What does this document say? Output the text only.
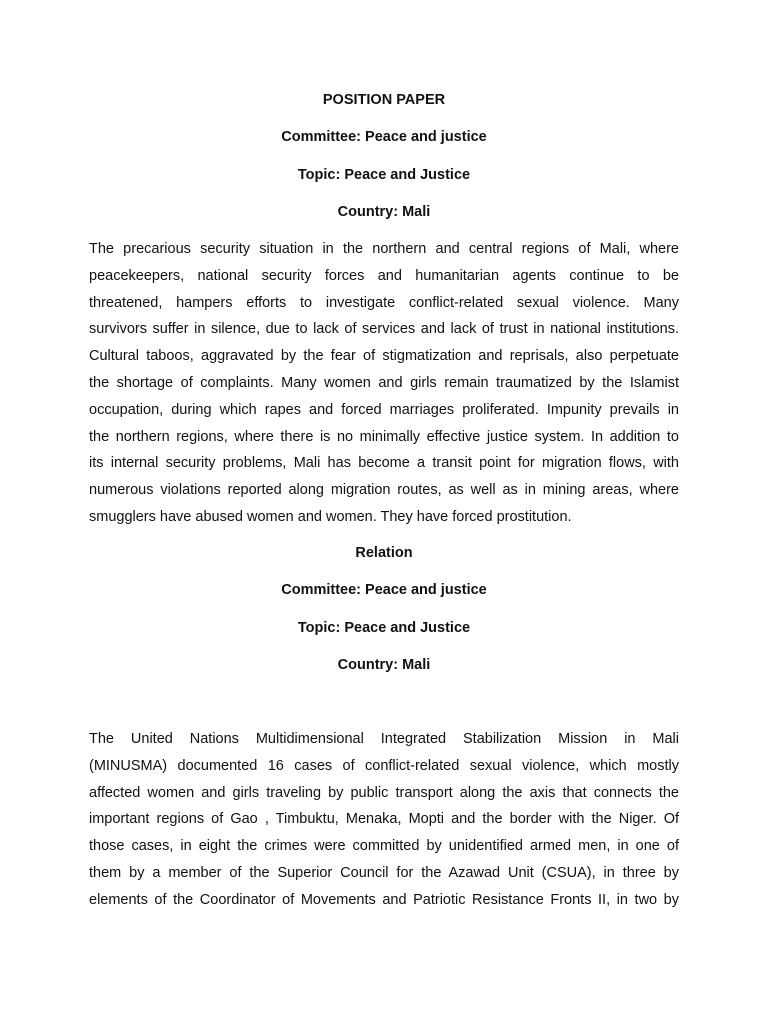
POSITION PAPER
Committee: Peace and justice
Topic: Peace and Justice
Country: Mali
The precarious security situation in the northern and central regions of Mali, where
peacekeepers, national security forces and humanitarian agents continue to be
threatened, hampers efforts to investigate conflict-related sexual violence. Many
survivors suffer in silence, due to lack of services and lack of trust in national institutions.
Cultural taboos, aggravated by the fear of stigmatization and reprisals, also perpetuate
the shortage of complaints. Many women and girls remain traumatized by the Islamist
occupation, during which rapes and forced marriages proliferated. Impunity prevails in
the northern regions, where there is no minimally effective justice system. In addition to
its internal security problems, Mali has become a transit point for migration flows, with
numerous violations reported along migration routes, as well as in mining areas, where
smugglers have abused women and women. They have forced prostitution.
Relation
Committee: Peace and justice
Topic: Peace and Justice
Country: Mali
The United Nations Multidimensional Integrated Stabilization Mission in Mali
(MINUSMA) documented 16 cases of conflict-related sexual violence, which mostly
affected women and girls traveling by public transport along the axis that connects the
important regions of Gao , Timbuktu, Menaka, Mopti and the border with the Niger. Of
those cases, in eight the crimes were committed by unidentified armed men, in one of
them by a member of the Superior Council for the Azawad Unit (CSUA), in three by
elements of the Coordinator of Movements and Patriotic Resistance Fronts II, in two by
